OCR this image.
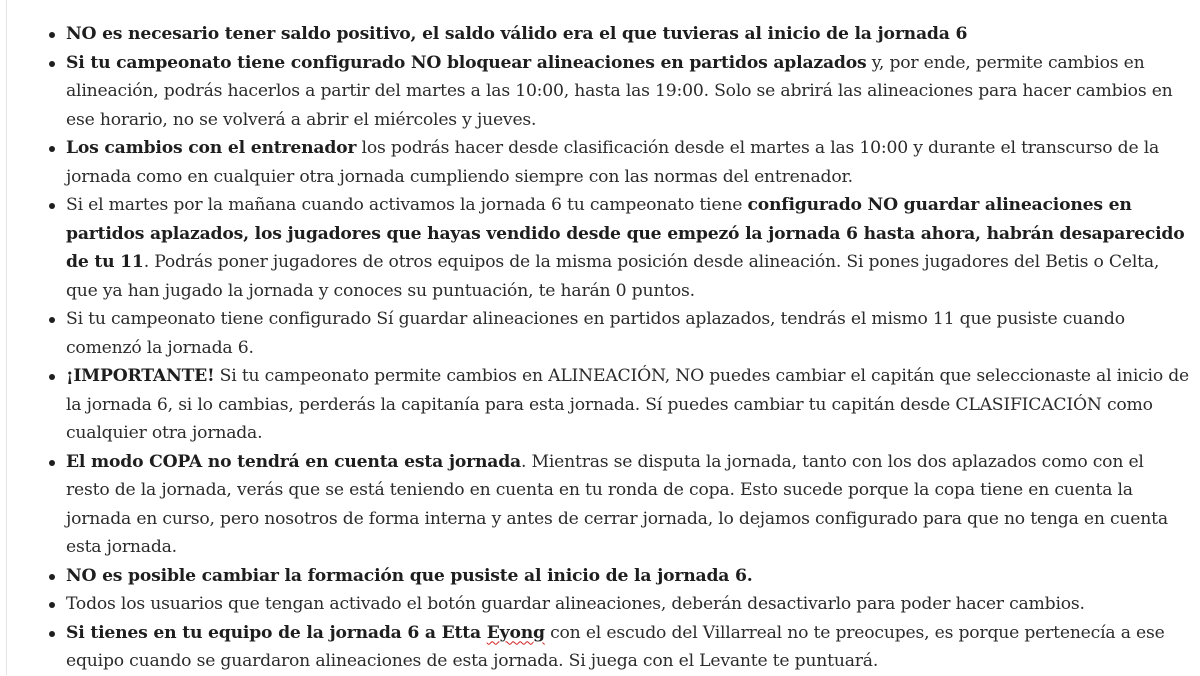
NO es necesario tener saldo positivo, el saldo válido era el que tuvieras al inicio de la jornada 6
Si tu campeonato tiene configurado NO bloquear alineaciones en partidos aplazados y, por ende, permite cambios en alineación, podrás hacerlos a partir del martes a las 10:00, hasta las 19:00. Solo se abrirá las alineaciones para hacer cambios en ese horario, no se volverá a abrir el miércoles y jueves.
Los cambios con el entrenador los podrás hacer desde clasificación desde el martes a las 10:00 y durante el transcurso de la jornada como en cualquier otra jornada cumpliendo siempre con las normas del entrenador.
Si el martes por la mañana cuando activamos la jornada 6 tu campeonato tiene configurado NO guardar alineaciones en partidos aplazados, los jugadores que hayas vendido desde que empezó la jornada 6 hasta ahora, habrán desaparecido de tu 11. Podrás poner jugadores de otros equipos de la misma posición desde alineación. Si pones jugadores del Betis o Celta, que ya han jugado la jornada y conoces su puntuación, te harán 0 puntos.
Si tu campeonato tiene configurado Sí guardar alineaciones en partidos aplazados, tendrás el mismo 11 que pusiste cuando comenzó la jornada 6.
¡IMPORTANTE! Si tu campeonato permite cambios en ALINEACIÓN, NO puedes cambiar el capitán que seleccionaste al inicio de la jornada 6, si lo cambias, perderás la capitanía para esta jornada. Sí puedes cambiar tu capitán desde CLASIFICACIÓN como cualquier otra jornada.
El modo COPA no tendrá en cuenta esta jornada. Mientras se disputa la jornada, tanto con los dos aplazados como con el resto de la jornada, verás que se está teniendo en cuenta en tu ronda de copa. Esto sucede porque la copa tiene en cuenta la jornada en curso, pero nosotros de forma interna y antes de cerrar jornada, lo dejamos configurado para que no tenga en cuenta esta jornada.
NO es posible cambiar la formación que pusiste al inicio de la jornada 6.
Todos los usuarios que tengan activado el botón guardar alineaciones, deberán desactivarlo para poder hacer cambios.
Si tienes en tu equipo de la jornada 6 a Etta Eyong con el escudo del Villarreal no te preocupes, es porque pertenecía a ese equipo cuando se guardaron alineaciones de esta jornada. Si juega con el Levante te puntuará.
